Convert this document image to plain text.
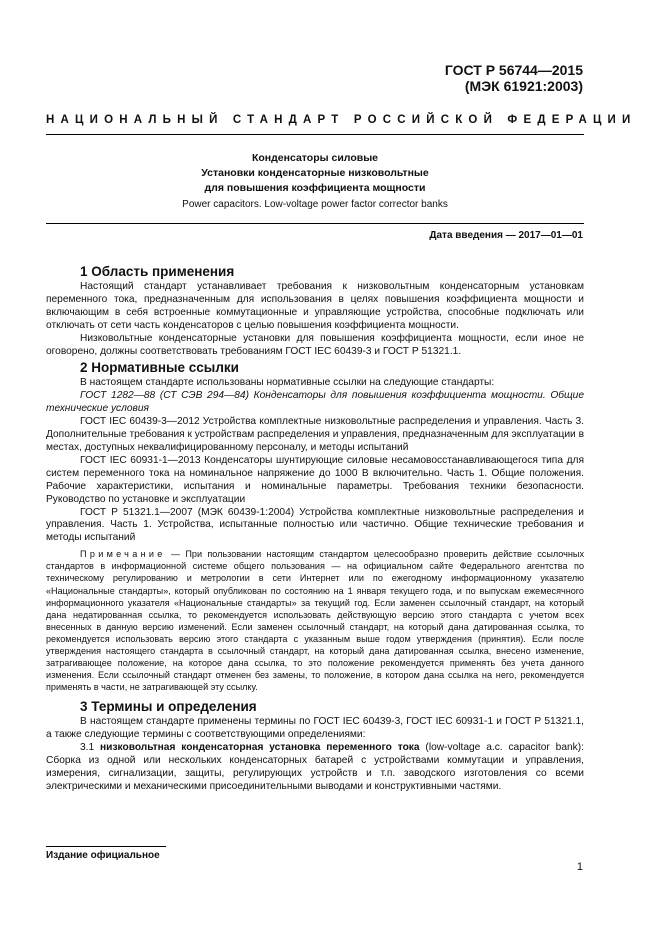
ГОСТ Р 56744—2015
(МЭК 61921:2003)
НАЦИОНАЛЬНЫЙ СТАНДАРТ РОССИЙСКОЙ ФЕДЕРАЦИИ
Конденсаторы силовые
Установки конденсаторные низковольтные
для повышения коэффициента мощности
Power capacitors. Low-voltage power factor corrector banks
Дата введения — 2017—01—01
1 Область применения

Настоящий стандарт устанавливает требования к низковольтным конденсаторным установкам переменного тока, предназначенным для использования в целях повышения коэффициента мощности и включающим в себя встроенные коммутационные и управляющие устройства, способные подключать или отключать от сети часть конденсаторов с целью повышения коэффициента мощности.

Низковольтные конденсаторные установки для повышения коэффициента мощности, если иное не оговорено, должны соответствовать требованиям ГОСТ IEC 60439-3 и ГОСТ Р 51321.1.

2 Нормативные ссылки

В настоящем стандарте использованы нормативные ссылки на следующие стандарты:

ГОСТ 1282—88 (СТ СЭВ 294—84) Конденсаторы для повышения коэффициента мощности. Общие технические условия

ГОСТ IEC 60439-3—2012 Устройства комплектные низковольтные распределения и управления. Часть 3. Дополнительные требования к устройствам распределения и управления, предназначенным для эксплуатации в местах, доступных неквалифицированному персоналу, и методы испытаний

ГОСТ IEC 60931-1—2013 Конденсаторы шунтирующие силовые несамовосстанавливающегося типа для систем переменного тока на номинальное напряжение до 1000 В включительно. Часть 1. Общие положения. Рабочие характеристики, испытания и номинальные параметры. Требования техники безопасности. Руководство по установке и эксплуатации

ГОСТ Р 51321.1—2007 (МЭК 60439-1:2004) Устройства комплектные низковольтные распределения и управления. Часть 1. Устройства, испытанные полностью или частично. Общие технические требования и методы испытаний

Примечание — При пользовании настоящим стандартом целесообразно проверить действие ссылочных стандартов в информационной системе общего пользования — на официальном сайте Федерального агентства по техническому регулированию и метрологии в сети Интернет или по ежегодному информационному указателю «Национальные стандарты», который опубликован по состоянию на 1 января текущего года, и по выпускам ежемесячного информационного указателя «Национальные стандарты» за текущий год. Если заменен ссылочный стандарт, на который дана недатированная ссылка, то рекомендуется использовать действующую версию этого стандарта с учетом всех внесенных в данную версию изменений. Если заменен ссылочный стандарт, на который дана датированная ссылка, то рекомендуется использовать версию этого стандарта с указанным выше годом утверждения (принятия). Если после утверждения настоящего стандарта в ссылочный стандарт, на который дана датированная ссылка, внесено изменение, затрагивающее положение, на которое дана ссылка, то это положение рекомендуется применять без учета данного изменения. Если ссылочный стандарт отменен без замены, то положение, в котором дана ссылка на него, рекомендуется применять в части, не затрагивающей эту ссылку.
3 Термины и определения

В настоящем стандарте применены термины по ГОСТ IEC 60439-3, ГОСТ IEC 60931-1 и ГОСТ Р 51321.1, а также следующие термины с соответствующими определениями:

3.1 низковольтная конденсаторная установка переменного тока (low-voltage a.c. capacitor bank): Сборка из одной или нескольких конденсаторных батарей с устройствами коммутации и управления, измерения, сигнализации, защиты, регулирующих устройств и т.п. заводского изготовления со всеми электрическими и механическими присоединительными выводами и конструктивными частями.

Издание официальное
1
